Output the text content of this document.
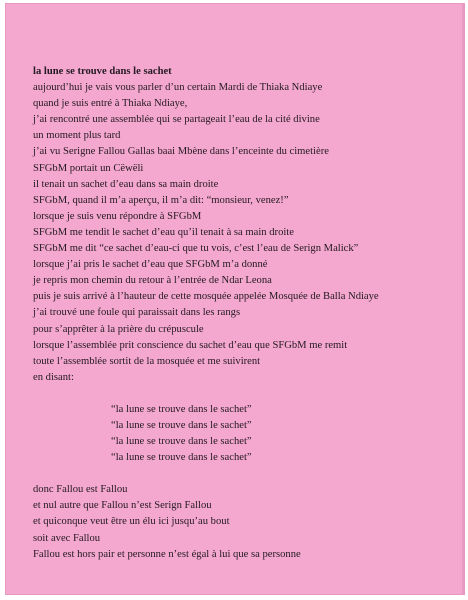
la lune se trouve dans le sachet
aujourd’hui je vais vous parler d’un certain Mardi de Thiaka Ndiaye
quand je suis entré à Thiaka Ndiaye,
j’ai rencontré une assemblée qui se partageait l’eau de la cité divine
un moment plus tard
j’ai vu Serigne Fallou Gallas baai Mbène dans l’enceinte du cimetière
SFGbM portait un Cëwëli
il tenait un sachet d’eau dans sa main droite
SFGbM, quand il m’a aperçu, il m’a dit: “monsieur, venez!”
lorsque je suis venu répondre à SFGbM
SFGbM me tendit le sachet d’eau qu’il tenait à sa main droite
SFGbM me dit “ce sachet d’eau-ci que tu vois, c’est l’eau de Serign Malick”
lorsque j’ai pris le sachet d’eau que SFGbM m’a donné
je repris mon chemin du retour à l’entrée de Ndar Leona
puis je suis arrivé à l’hauteur de cette mosquée appelée Mosquée de Balla Ndiaye
j’ai trouvé une foule qui paraissait dans les rangs
pour s’apprêter à la prière du crépuscule
lorsque l’assemblée prit conscience du sachet d’eau que SFGbM me remit
toute l’assemblée sortit de la mosquée et me suivirent
en disant:
“la lune se trouve dans le sachet”
“la lune se trouve dans le sachet”
“la lune se trouve dans le sachet”
“la lune se trouve dans le sachet”
donc Fallou est Fallou
et nul autre que Fallou n’est Serign Fallou
et quiconque veut être un élu ici jusqu’au bout
soit avec Fallou
Fallou est hors pair et personne n’est égal à lui que sa personne
